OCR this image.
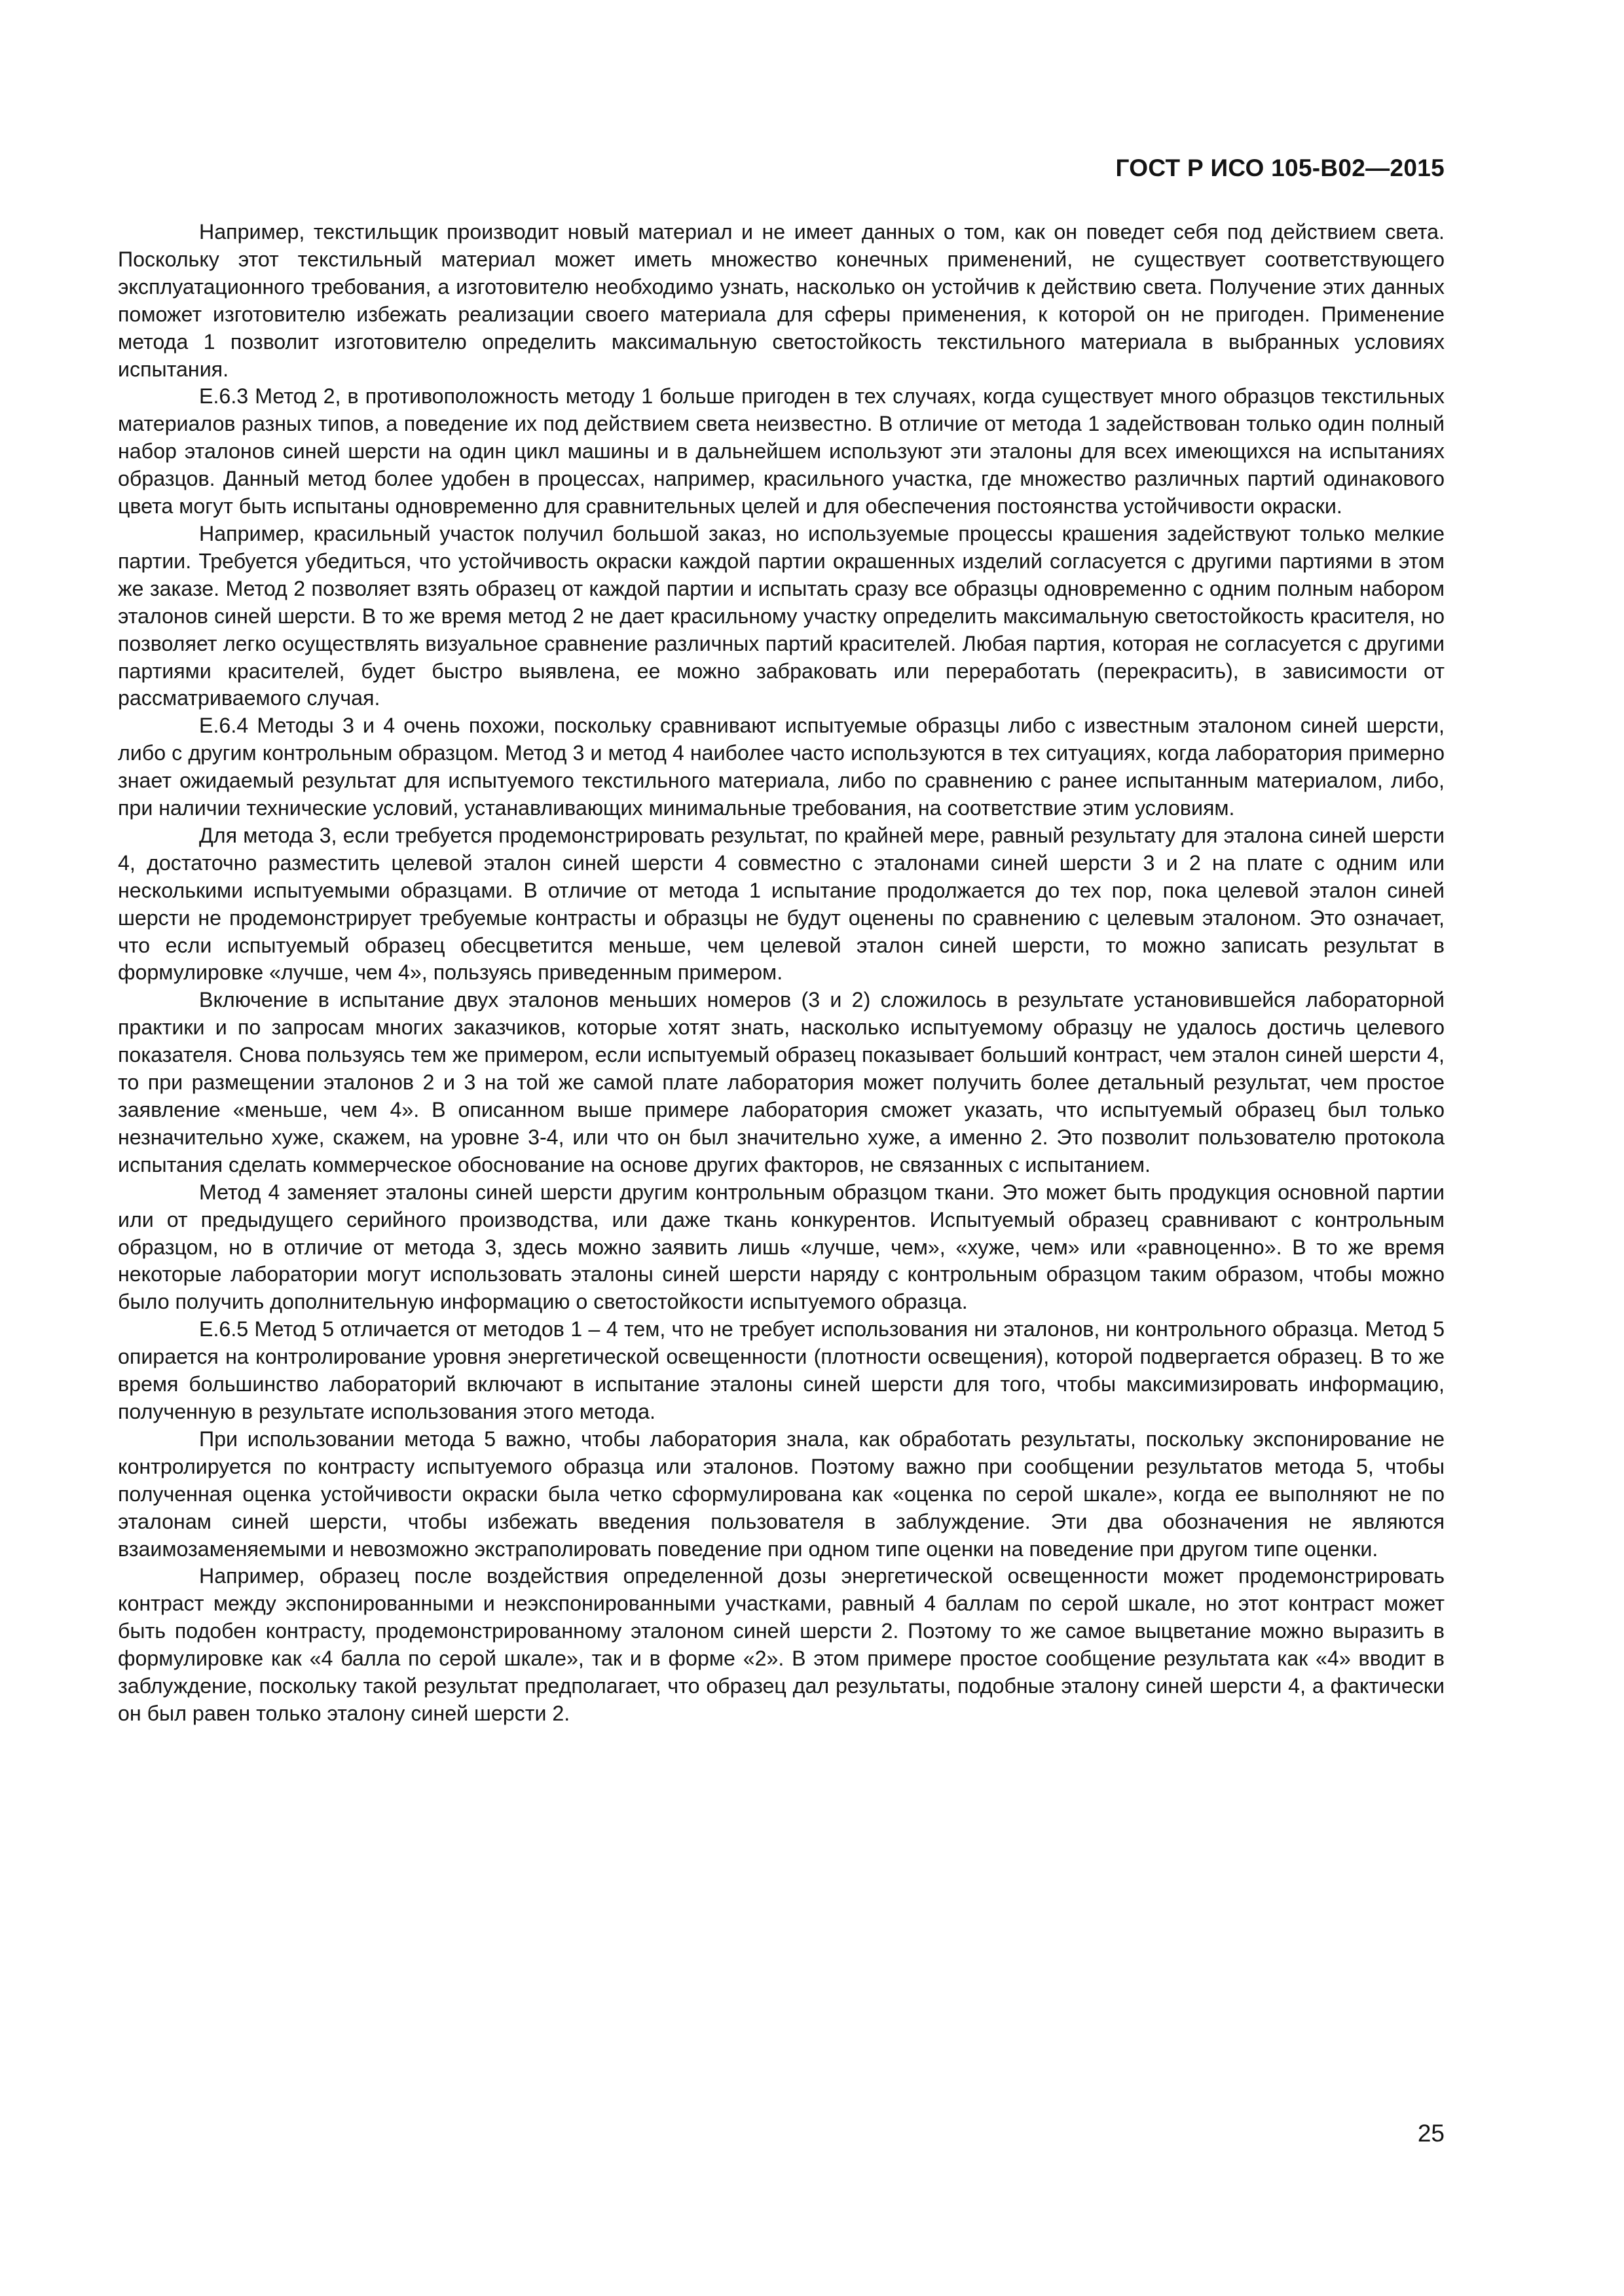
ГОСТ Р ИСО 105-В02—2015

Например, текстильщик производит новый материал и не имеет данных о том, как он поведет себя под действием света. Поскольку этот текстильный материал может иметь множество конечных применений, не существует соответствующего эксплуатационного требования, а изготовителю необходимо узнать, насколько он устойчив к действию света. Получение этих данных поможет изготовителю избежать реализации своего материала для сферы применения, к которой он не пригоден. Применение метода 1 позволит изготовителю определить максимальную светостойкость текстильного материала в выбранных условиях испытания.

Е.6.3 Метод 2, в противоположность методу 1 больше пригоден в тех случаях, когда существует много образцов текстильных материалов разных типов, а поведение их под действием света неизвестно. В отличие от метода 1 задействован только один полный набор эталонов синей шерсти на один цикл машины и в дальнейшем используют эти эталоны для всех имеющихся на испытаниях образцов. Данный метод более удобен в процессах, например, красильного участка, где множество различных партий одинакового цвета могут быть испытаны одновременно для сравнительных целей и для обеспечения постоянства устойчивости окраски.

Например, красильный участок получил большой заказ, но используемые процессы крашения задействуют только мелкие партии. Требуется убедиться, что устойчивость окраски каждой партии окрашенных изделий согласуется с другими партиями в этом же заказе. Метод 2 позволяет взять образец от каждой партии и испытать сразу все образцы одновременно с одним полным набором эталонов синей шерсти. В то же время метод 2 не дает красильному участку определить максимальную светостойкость красителя, но позволяет легко осуществлять визуальное сравнение различных партий красителей. Любая партия, которая не согласуется с другими партиями красителей, будет быстро выявлена, ее можно забраковать или переработать (перекрасить), в зависимости от рассматриваемого случая.

Е.6.4 Методы 3 и 4 очень похожи, поскольку сравнивают испытуемые образцы либо с известным эталоном синей шерсти, либо с другим контрольным образцом. Метод 3 и метод 4 наиболее часто используются в тех ситуациях, когда лаборатория примерно знает ожидаемый результат для испытуемого текстильного материала, либо по сравнению с ранее испытанным материалом, либо, при наличии технические условий, устанавливающих минимальные требования, на соответствие этим условиям.

Для метода 3, если требуется продемонстрировать результат, по крайней мере, равный результату для эталона синей шерсти 4, достаточно разместить целевой эталон синей шерсти 4 совместно с эталонами синей шерсти 3 и 2 на плате с одним или несколькими испытуемыми образцами. В отличие от метода 1 испытание продолжается до тех пор, пока целевой эталон синей шерсти не продемонстрирует требуемые контрасты и образцы не будут оценены по сравнению с целевым эталоном. Это означает, что если испытуемый образец обесцветится меньше, чем целевой эталон синей шерсти, то можно записать результат в формулировке «лучше, чем 4», пользуясь приведенным примером.

Включение в испытание двух эталонов меньших номеров (3 и 2) сложилось в результате установившейся лабораторной практики и по запросам многих заказчиков, которые хотят знать, насколько испытуемому образцу не удалось достичь целевого показателя. Снова пользуясь тем же примером, если испытуемый образец показывает больший контраст, чем эталон синей шерсти 4, то при размещении эталонов 2 и 3 на той же самой плате лаборатория может получить более детальный результат, чем простое заявление «меньше, чем 4». В описанном выше примере лаборатория сможет указать, что испытуемый образец был только незначительно хуже, скажем, на уровне 3-4, или что он был значительно хуже, а именно 2. Это позволит пользователю протокола испытания сделать коммерческое обоснование на основе других факторов, не связанных с испытанием.

Метод 4 заменяет эталоны синей шерсти другим контрольным образцом ткани. Это может быть продукция основной партии или от предыдущего серийного производства, или даже ткань конкурентов. Испытуемый образец сравнивают с контрольным образцом, но в отличие от метода 3, здесь можно заявить лишь «лучше, чем», «хуже, чем» или «равноценно». В то же время некоторые лаборатории могут использовать эталоны синей шерсти наряду с контрольным образцом таким образом, чтобы можно было получить дополнительную информацию о светостойкости испытуемого образца.

Е.6.5 Метод 5 отличается от методов 1 – 4 тем, что не требует использования ни эталонов, ни контрольного образца. Метод 5 опирается на контролирование уровня энергетической освещенности (плотности освещения), которой подвергается образец. В то же время большинство лабораторий включают в испытание эталоны синей шерсти для того, чтобы максимизировать информацию, полученную в результате использования этого метода.

При использовании метода 5 важно, чтобы лаборатория знала, как обработать результаты, поскольку экспонирование не контролируется по контрасту испытуемого образца или эталонов. Поэтому важно при сообщении результатов метода 5, чтобы полученная оценка устойчивости окраски была четко сформулирована как «оценка по серой шкале», когда ее выполняют не по эталонам синей шерсти, чтобы избежать введения пользователя в заблуждение. Эти два обозначения не являются взаимозаменяемыми и невозможно экстраполировать поведение при одном типе оценки на поведение при другом типе оценки.

Например, образец после воздействия определенной дозы энергетической освещенности может продемонстрировать контраст между экспонированными и неэкспонированными участками, равный 4 баллам по серой шкале, но этот контраст может быть подобен контрасту, продемонстрированному эталоном синей шерсти 2. Поэтому то же самое выцветание можно выразить в формулировке как «4 балла по серой шкале», так и в форме «2». В этом примере простое сообщение результата как «4» вводит в заблуждение, поскольку такой результат предполагает, что образец дал результаты, подобные эталону синей шерсти 4, а фактически он был равен только эталону синей шерсти 2.

25
